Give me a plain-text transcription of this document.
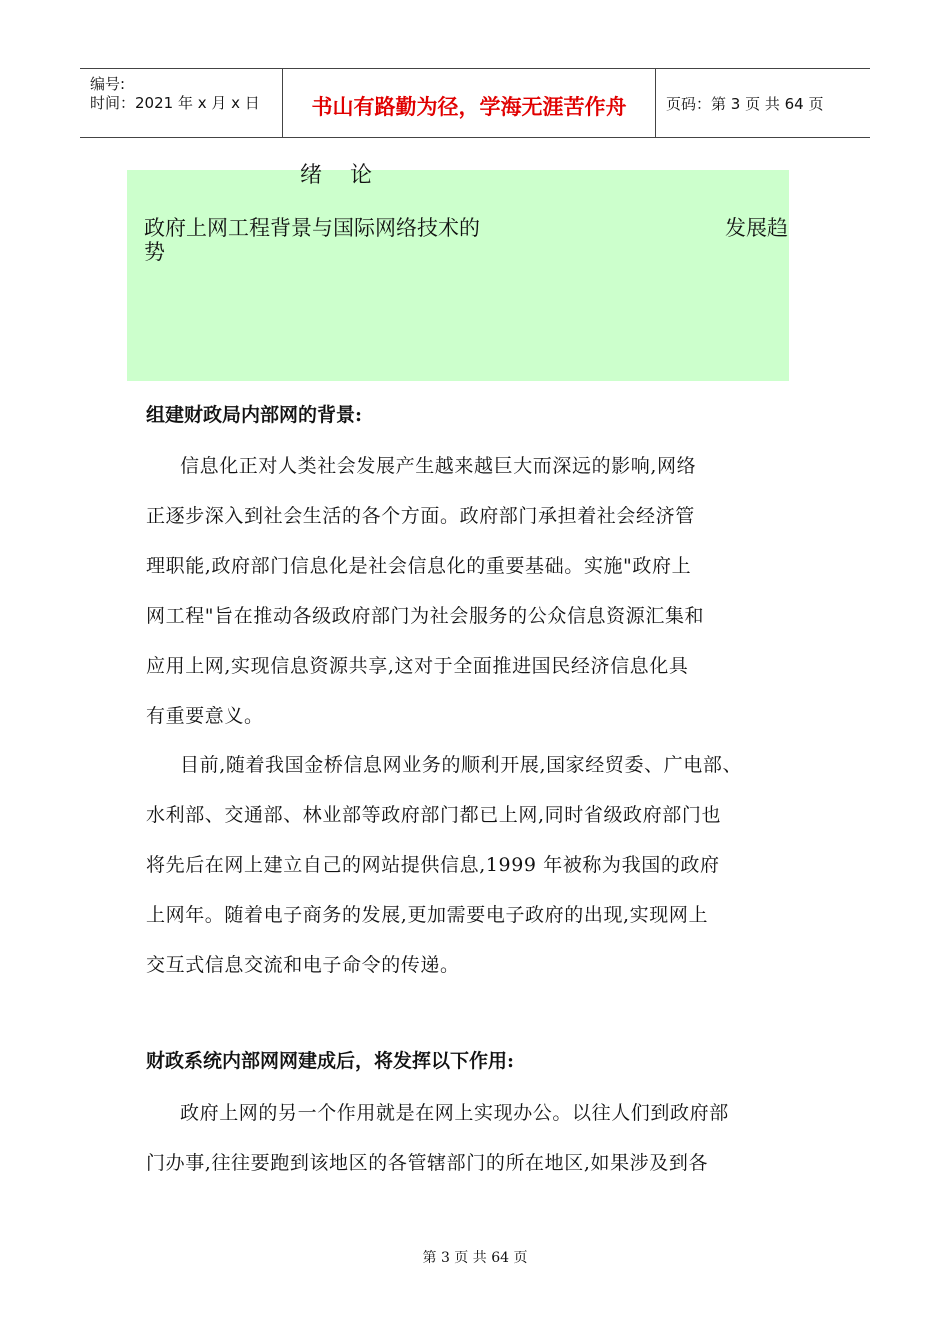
编号:
时间：2021 年 x 月 x 日	书山有路勤为径，学海无涯苦作舟	页码：第 3 页 共 64 页
政府上网工程背景与国际网络技术的	发展趋
势
绪论
组建财政局内部网的背景:
信息化正对人类社会发展产生越来越巨大而深远的影响,网络
正逐步深入到社会生活的各个方面。政府部门承担着社会经济管
理职能,政府部门信息化是社会信息化的重要基础。实施"政府上
网工程"旨在推动各级政府部门为社会服务的公众信息资源汇集和
应用上网,实现信息资源共享,这对于全面推进国民经济信息化具
有重要意义。
目前,随着我国金桥信息网业务的顺利开展,国家经贸委、广电部、
水利部、交通部、林业部等政府部门都已上网,同时省级政府部门也
将先后在网上建立自己的网站提供信息,1999 年被称为我国的政府
上网年。随着电子商务的发展,更加需要电子政府的出现,实现网上
交互式信息交流和电子命令的传递。
财政系统内部网网建成后，将发挥以下作用:
政府上网的另一个作用就是在网上实现办公。以往人们到政府部
门办事,往往要跑到该地区的各管辖部门的所在地区,如果涉及到各
第 3 页 共 64 页
